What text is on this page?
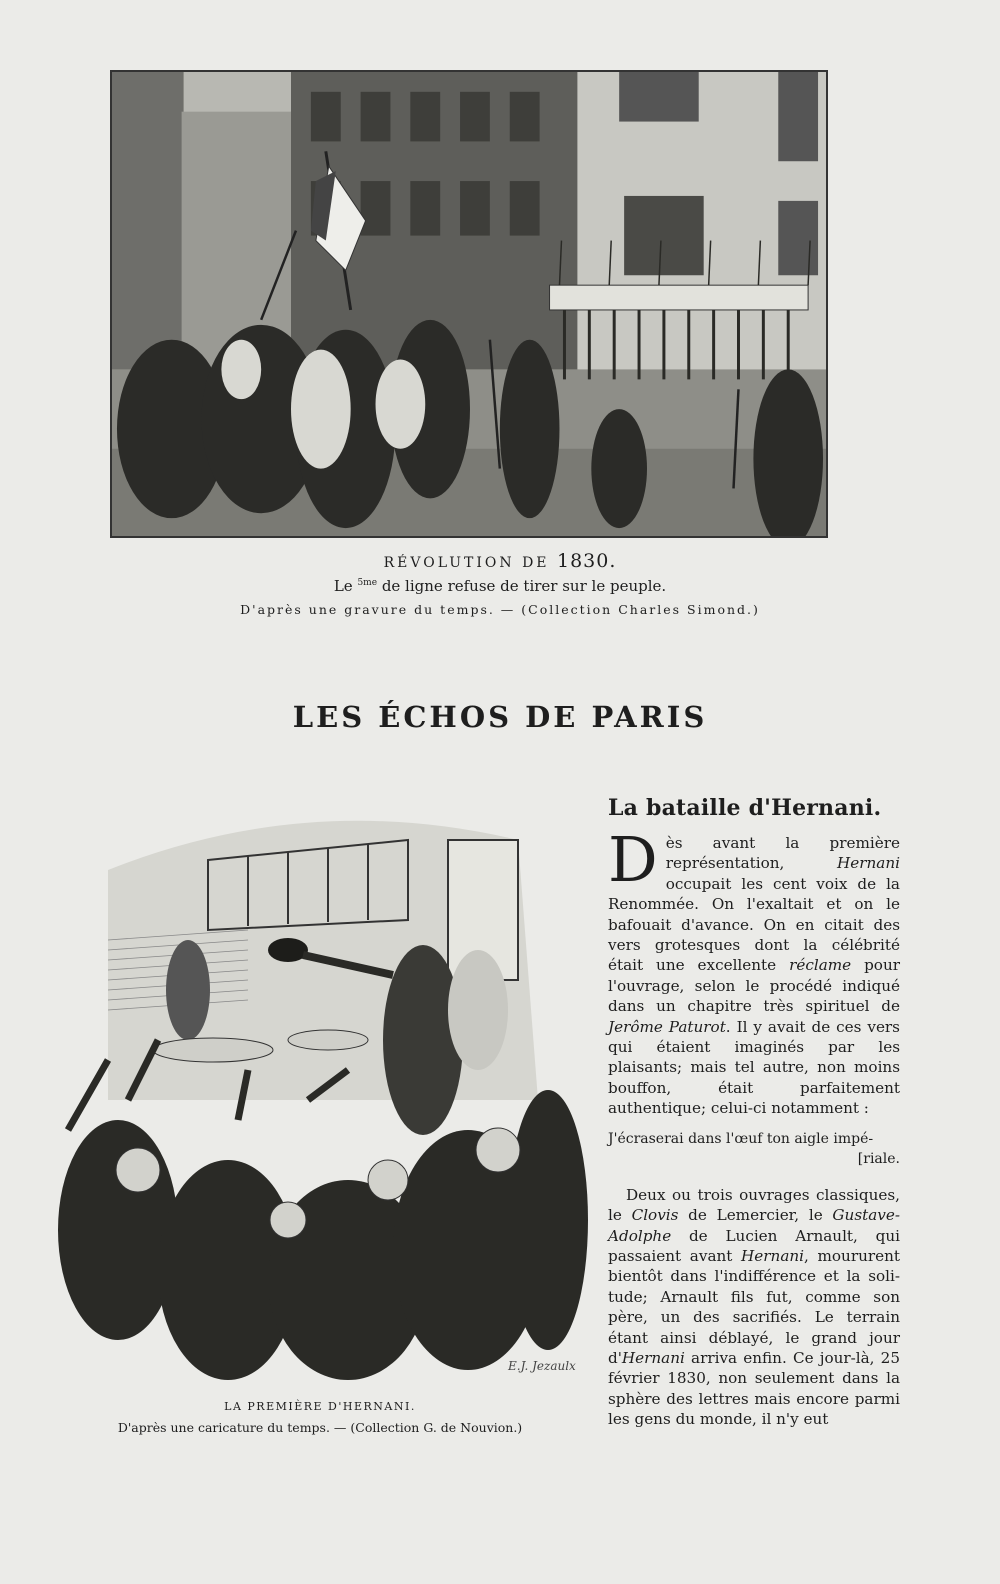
RÉVOLUTION DE 1830.
Le $^{5me}$ de ligne refuse de tirer sur le peuple.
D'après une gravure du temps. — (Collection Charles Simond.)
LES ÉCHOS DE PARIS
E.J. Jezaulx
LA PREMIÈRE D'HERNANI.
D'après une caricature du temps. — (Collection G. de Nouvion.)
La bataille d'Hernani.
D ès avant la première représentation, Hernani occupait les cent voix de la Renommée. On l'exaltait et on le bafouait d'avance. On en citait des vers grotesques dont la célébrité était une excellente réclame pour l'ouvrage, selon le procédé indiqué dans un chapitre très spirituel de Jerôme Paturot. Il y avait de ces vers qui étaient imaginés par les plaisants; mais tel autre, non moins bouffon, était parfaitement authentique; celui-ci notamment :
J'écraserai dans l'œuf ton aigle impé-
[riale.
Deux ou trois ouvrages classiques, le Clovis de Lemercier, le Gustave-Adolphe de Lucien Arnault, qui passaient avant Hernani, moururent bientôt dans l'indifférence et la solitude; Arnault fils fut, comme son père, un des sacrifiés. Le terrain étant ainsi déblayé, le grand jour d'Hernani arriva enfin. Ce jour-là, 25 février 1830, non seulement dans la sphère des lettres mais encore parmi les gens du monde, il n'y eut
